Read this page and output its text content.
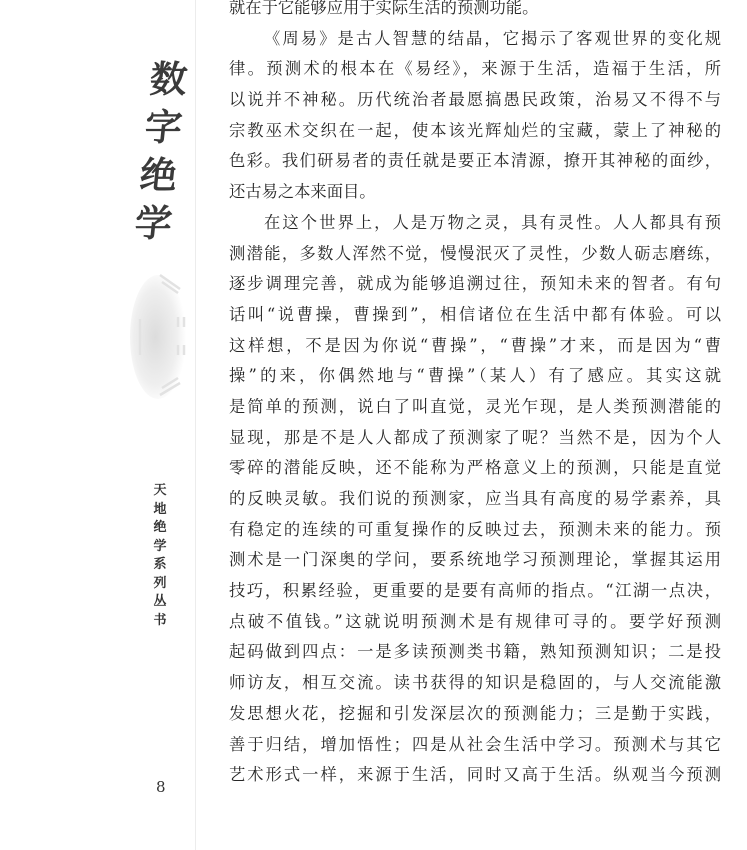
数字绝学
天地绝学系列丛书
8
就在于它能够应用于实际生活的预测功能。
《周易》是古人智慧的结晶，它揭示了客观世界的变化规
律。预测术的根本在《易经》，来源于生活，造福于生活，所
以说并不神秘。历代统治者最愿搞愚民政策，治易又不得不与
宗教巫术交织在一起，使本该光辉灿烂的宝藏，蒙上了神秘的
色彩。我们研易者的责任就是要正本清源，撩开其神秘的面纱，
还古易之本来面目。
在这个世界上，人是万物之灵，具有灵性。人人都具有预
测潜能，多数人浑然不觉，慢慢泯灭了灵性，少数人砺志磨练，
逐步调理完善，就成为能够追溯过往，预知未来的智者。有句
话叫“说曹操，曹操到”，相信诸位在生活中都有体验。可以
这样想，不是因为你说“曹操”，“曹操”才来，而是因为“曹
操”的来，你偶然地与“曹操”（某人）有了感应。其实这就
是简单的预测，说白了叫直觉，灵光乍现，是人类预测潜能的
显现，那是不是人人都成了预测家了呢？当然不是，因为个人
零碎的潜能反映，还不能称为严格意义上的预测，只能是直觉
的反映灵敏。我们说的预测家，应当具有高度的易学素养，具
有稳定的连续的可重复操作的反映过去，预测未来的能力。预
测术是一门深奥的学问，要系统地学习预测理论，掌握其运用
技巧，积累经验，更重要的是要有高师的指点。“江湖一点决，
点破不值钱。”这就说明预测术是有规律可寻的。要学好预测
起码做到四点：一是多读预测类书籍，熟知预测知识；二是投
师访友，相互交流。读书获得的知识是稳固的，与人交流能激
发思想火花，挖掘和引发深层次的预测能力；三是勤于实践，
善于归结，增加悟性；四是从社会生活中学习。预测术与其它
艺术形式一样，来源于生活，同时又高于生活。纵观当今预测
